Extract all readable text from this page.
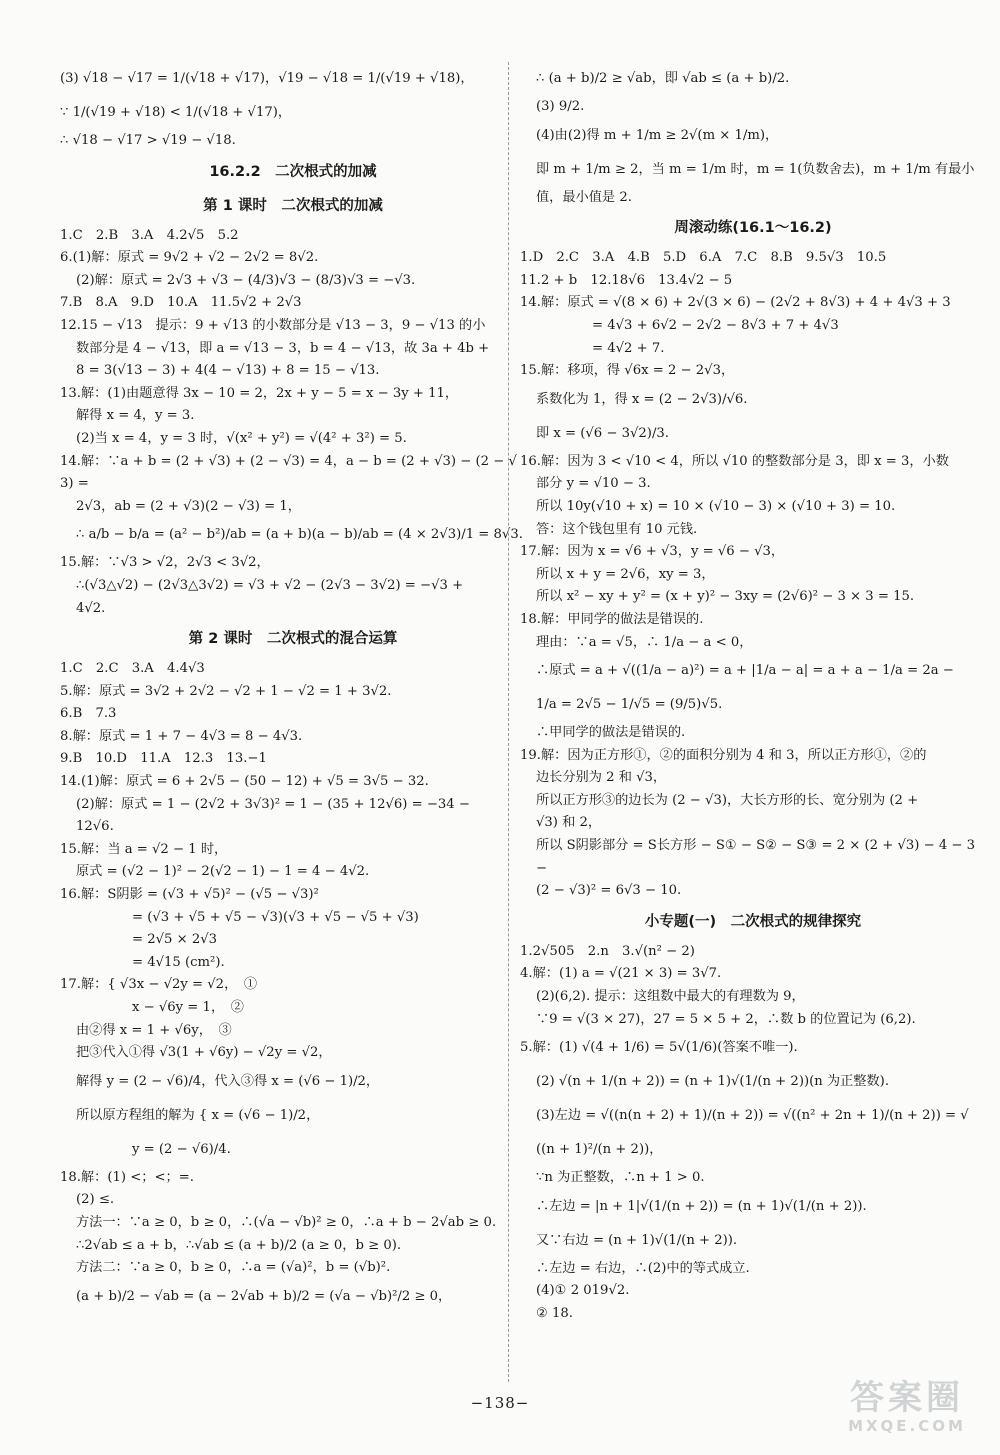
(3) √18 − √17 = 1/(√18 + √17)，√19 − √18 = 1/(√19 + √18)，
∵ 1/(√19 + √18) < 1/(√18 + √17)，
∴ √18 − √17 > √19 − √18.
16.2.2　二次根式的加减
第 1 课时　二次根式的加减
1.C　2.B　3.A　4.2√5　5.2
6.(1)解：原式 = 9√2 + √2 − 2√2 = 8√2.
(2)解：原式 = 2√3 + √3 − (4/3)√3 − (8/3)√3 = −√3.
7.B　8.A　9.D　10.A　11.5√2 + 2√3
12.15 − √13　提示：9 + √13 的小数部分是 √13 − 3，9 − √13 的小
数部分是 4 − √13，即 a = √13 − 3，b = 4 − √13，故 3a + 4b +
8 = 3(√13 − 3) + 4(4 − √13) + 8 = 15 − √13.
13.解：(1)由题意得 3x − 10 = 2，2x + y − 5 = x − 3y + 11，
解得 x = 4，y = 3.
(2)当 x = 4，y = 3 时，√(x² + y²) = √(4² + 3²) = 5.
14.解：∵a + b = (2 + √3) + (2 − √3) = 4，a − b = (2 + √3) − (2 − √3) =
2√3，ab = (2 + √3)(2 − √3) = 1，
∴ a/b − b/a = (a² − b²)/ab = (a + b)(a − b)/ab = (4 × 2√3)/1 = 8√3.
15.解：∵√3 > √2，2√3 < 3√2，
∴(√3△√2) − (2√3△3√2) = √3 + √2 − (2√3 − 3√2) = −√3 +
4√2.
第 2 课时　二次根式的混合运算
1.C　2.C　3.A　4.4√3
5.解：原式 = 3√2 + 2√2 − √2 + 1 − √2 = 1 + 3√2.
6.B　7.3
8.解：原式 = 1 + 7 − 4√3 = 8 − 4√3.
9.B　10.D　11.A　12.3　13.−1
14.(1)解：原式 = 6 + 2√5 − (50 − 12) + √5 = 3√5 − 32.
(2)解：原式 = 1 − (2√2 + 3√3)² = 1 − (35 + 12√6) = −34 −
12√6.
15.解：当 a = √2 − 1 时，
原式 = (√2 − 1)² − 2(√2 − 1) − 1 = 4 − 4√2.
16.解：S阴影 = (√3 + √5)² − (√5 − √3)²
= (√3 + √5 + √5 − √3)(√3 + √5 − √5 + √3)
= 2√5 × 2√3
= 4√15 (cm²).
17.解：{ √3x − √2y = √2，　①
x − √6y = 1，　②
由②得 x = 1 + √6y，　③
把③代入①得 √3(1 + √6y) − √2y = √2，
解得 y = (2 − √6)/4，代入③得 x = (√6 − 1)/2，
所以原方程组的解为 { x = (√6 − 1)/2，
y = (2 − √6)/4.
18.解：(1) <；<；=.
(2) ≤.
方法一：∵a ≥ 0，b ≥ 0，∴(√a − √b)² ≥ 0，∴a + b − 2√ab ≥ 0.
∴2√ab ≤ a + b，∴√ab ≤ (a + b)/2 (a ≥ 0，b ≥ 0).
方法二：∵a ≥ 0，b ≥ 0，∴a = (√a)²，b = (√b)².
(a + b)/2 − √ab = (a − 2√ab + b)/2 = (√a − √b)²/2 ≥ 0，
∴ (a + b)/2 ≥ √ab，即 √ab ≤ (a + b)/2.
(3) 9/2.
(4)由(2)得 m + 1/m ≥ 2√(m × 1/m)，
即 m + 1/m ≥ 2，当 m = 1/m 时，m = 1(负数舍去)，m + 1/m 有最小
值，最小值是 2.
周滚动练(16.1～16.2)
1.D　2.C　3.A　4.B　5.D　6.A　7.C　8.B　9.5√3　10.5
11.2 + b　12.18√6　13.4√2 − 5
14.解：原式 = √(8 × 6) + 2√(3 × 6) − (2√2 + 8√3) + 4 + 4√3 + 3
= 4√3 + 6√2 − 2√2 − 8√3 + 7 + 4√3
= 4√2 + 7.
15.解：移项，得 √6x = 2 − 2√3，
系数化为 1，得 x = (2 − 2√3)/√6.
即 x = (√6 − 3√2)/3.
16.解：因为 3 < √10 < 4，所以 √10 的整数部分是 3，即 x = 3，小数
部分 y = √10 − 3.
所以 10y(√10 + x) = 10 × (√10 − 3) × (√10 + 3) = 10.
答：这个钱包里有 10 元钱.
17.解：因为 x = √6 + √3，y = √6 − √3，
所以 x + y = 2√6，xy = 3，
所以 x² − xy + y² = (x + y)² − 3xy = (2√6)² − 3 × 3 = 15.
18.解：甲同学的做法是错误的.
理由：∵a = √5，∴ 1/a − a < 0，
∴原式 = a + √((1/a − a)²) = a + |1/a − a| = a + a − 1/a = 2a −
1/a = 2√5 − 1/√5 = (9/5)√5.
∴甲同学的做法是错误的.
19.解：因为正方形①，②的面积分别为 4 和 3，所以正方形①，②的
边长分别为 2 和 √3，
所以正方形③的边长为 (2 − √3)，大长方形的长、宽分别为 (2 +
√3) 和 2，
所以 S阴影部分 = S长方形 − S① − S② − S③ = 2 × (2 + √3) − 4 − 3 −
(2 − √3)² = 6√3 − 10.
小专题(一)　二次根式的规律探究
1.2√505　2.n　3.√(n² − 2)
4.解：(1) a = √(21 × 3) = 3√7.
(2)(6,2). 提示：这组数中最大的有理数为 9，
∵9 = √(3 × 27)，27 = 5 × 5 + 2，∴数 b 的位置记为 (6,2).
5.解：(1) √(4 + 1/6) = 5√(1/6)(答案不唯一).
(2) √(n + 1/(n + 2)) = (n + 1)√(1/(n + 2))(n 为正整数).
(3)左边 = √((n(n + 2) + 1)/(n + 2)) = √((n² + 2n + 1)/(n + 2)) = √((n + 1)²/(n + 2))，
∵n 为正整数，∴n + 1 > 0.
∴左边 = |n + 1|√(1/(n + 2)) = (n + 1)√(1/(n + 2)).
又∵右边 = (n + 1)√(1/(n + 2)).
∴左边 = 右边，∴(2)中的等式成立.
(4)① 2 019√2.
② 18.
−138−	答案圈
MXQE.COM
